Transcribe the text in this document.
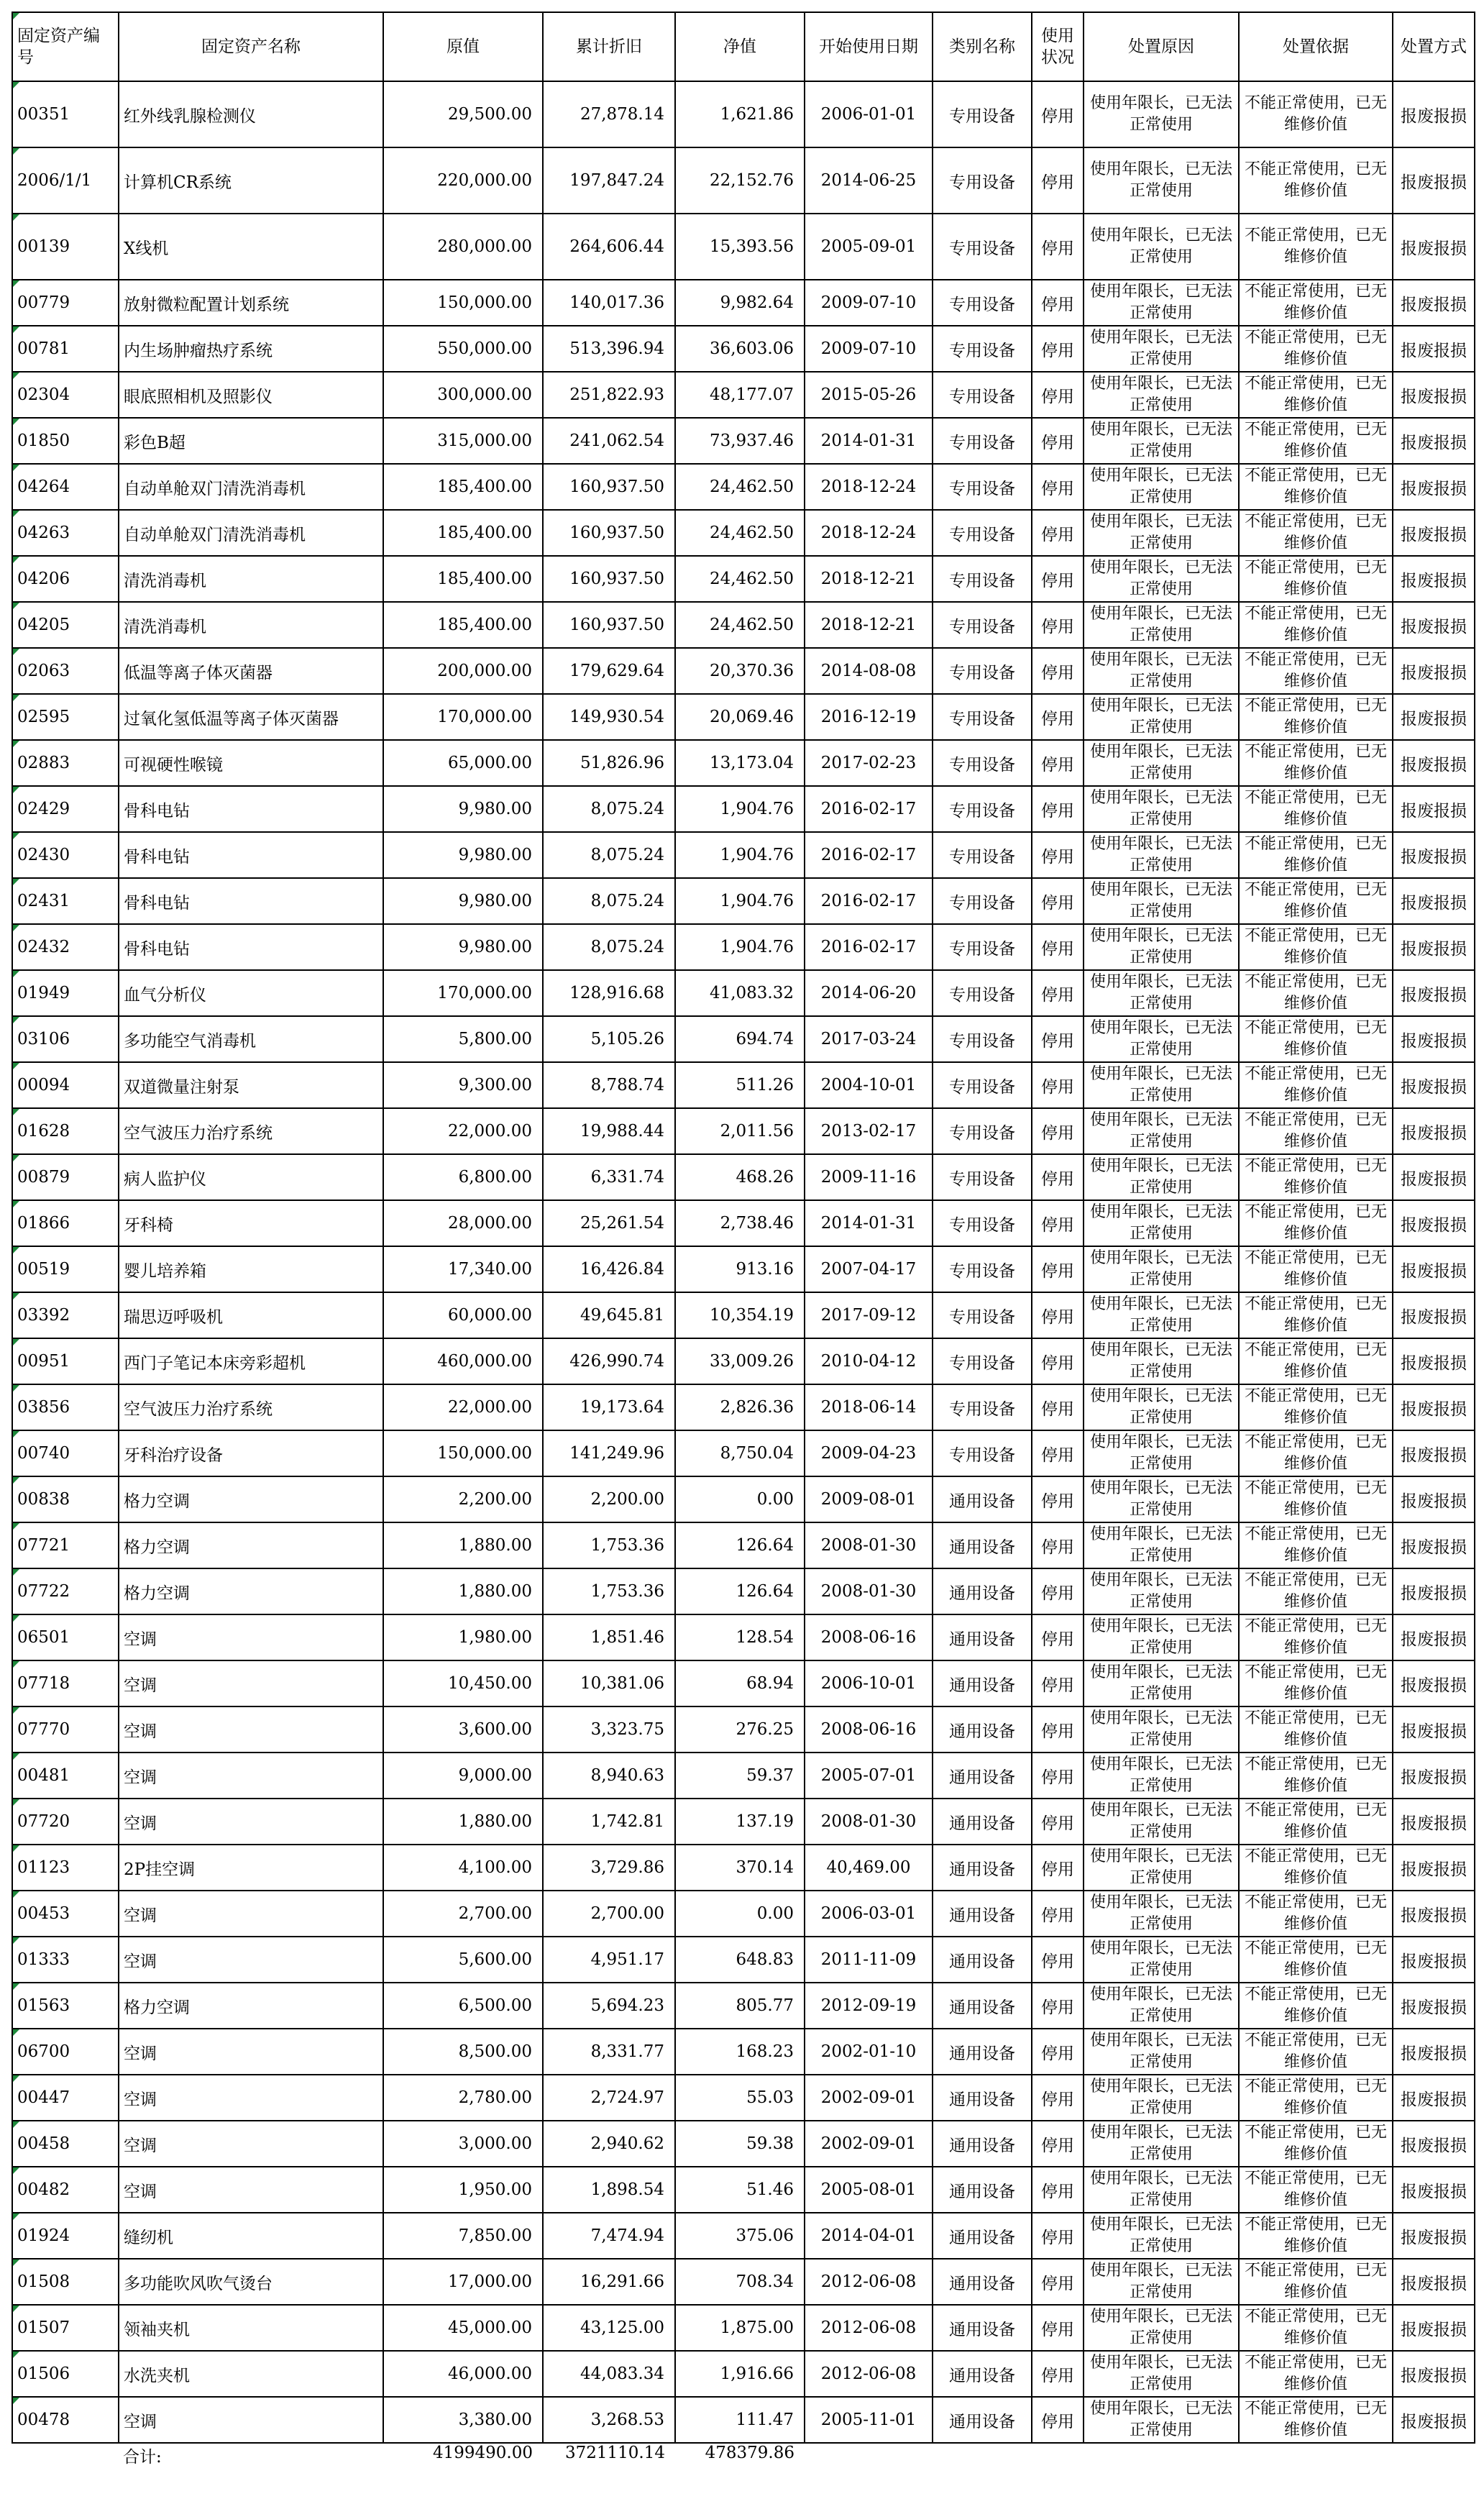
固定资产编号	固定资产名称	原值	累计折旧	净值	开始使用日期	类别名称	使用状况	处置原因	处置依据	处置方式
00351	红外线乳腺检测仪	29,500.00	27,878.14	1,621.86	2006-01-01	专用设备	停用	使用年限长，已无法正常使用	不能正常使用，已无维修价值	报废报损
2006/1/1	计算机CR系统	220,000.00	197,847.24	22,152.76	2014-06-25	专用设备	停用	使用年限长，已无法正常使用	不能正常使用，已无维修价值	报废报损
00139	X线机	280,000.00	264,606.44	15,393.56	2005-09-01	专用设备	停用	使用年限长，已无法正常使用	不能正常使用，已无维修价值	报废报损
00779	放射微粒配置计划系统	150,000.00	140,017.36	9,982.64	2009-07-10	专用设备	停用	使用年限长，已无法正常使用	不能正常使用，已无维修价值	报废报损
00781	内生场肿瘤热疗系统	550,000.00	513,396.94	36,603.06	2009-07-10	专用设备	停用	使用年限长，已无法正常使用	不能正常使用，已无维修价值	报废报损
02304	眼底照相机及照影仪	300,000.00	251,822.93	48,177.07	2015-05-26	专用设备	停用	使用年限长，已无法正常使用	不能正常使用，已无维修价值	报废报损
01850	彩色B超	315,000.00	241,062.54	73,937.46	2014-01-31	专用设备	停用	使用年限长，已无法正常使用	不能正常使用，已无维修价值	报废报损
04264	自动单舱双门清洗消毒机	185,400.00	160,937.50	24,462.50	2018-12-24	专用设备	停用	使用年限长，已无法正常使用	不能正常使用，已无维修价值	报废报损
04263	自动单舱双门清洗消毒机	185,400.00	160,937.50	24,462.50	2018-12-24	专用设备	停用	使用年限长，已无法正常使用	不能正常使用，已无维修价值	报废报损
04206	清洗消毒机	185,400.00	160,937.50	24,462.50	2018-12-21	专用设备	停用	使用年限长，已无法正常使用	不能正常使用，已无维修价值	报废报损
04205	清洗消毒机	185,400.00	160,937.50	24,462.50	2018-12-21	专用设备	停用	使用年限长，已无法正常使用	不能正常使用，已无维修价值	报废报损
02063	低温等离子体灭菌器	200,000.00	179,629.64	20,370.36	2014-08-08	专用设备	停用	使用年限长，已无法正常使用	不能正常使用，已无维修价值	报废报损
02595	过氧化氢低温等离子体灭菌器	170,000.00	149,930.54	20,069.46	2016-12-19	专用设备	停用	使用年限长，已无法正常使用	不能正常使用，已无维修价值	报废报损
02883	可视硬性喉镜	65,000.00	51,826.96	13,173.04	2017-02-23	专用设备	停用	使用年限长，已无法正常使用	不能正常使用，已无维修价值	报废报损
02429	骨科电钻	9,980.00	8,075.24	1,904.76	2016-02-17	专用设备	停用	使用年限长，已无法正常使用	不能正常使用，已无维修价值	报废报损
02430	骨科电钻	9,980.00	8,075.24	1,904.76	2016-02-17	专用设备	停用	使用年限长，已无法正常使用	不能正常使用，已无维修价值	报废报损
02431	骨科电钻	9,980.00	8,075.24	1,904.76	2016-02-17	专用设备	停用	使用年限长，已无法正常使用	不能正常使用，已无维修价值	报废报损
02432	骨科电钻	9,980.00	8,075.24	1,904.76	2016-02-17	专用设备	停用	使用年限长，已无法正常使用	不能正常使用，已无维修价值	报废报损
01949	血气分析仪	170,000.00	128,916.68	41,083.32	2014-06-20	专用设备	停用	使用年限长，已无法正常使用	不能正常使用，已无维修价值	报废报损
03106	多功能空气消毒机	5,800.00	5,105.26	694.74	2017-03-24	专用设备	停用	使用年限长，已无法正常使用	不能正常使用，已无维修价值	报废报损
00094	双道微量注射泵	9,300.00	8,788.74	511.26	2004-10-01	专用设备	停用	使用年限长，已无法正常使用	不能正常使用，已无维修价值	报废报损
01628	空气波压力治疗系统	22,000.00	19,988.44	2,011.56	2013-02-17	专用设备	停用	使用年限长，已无法正常使用	不能正常使用，已无维修价值	报废报损
00879	病人监护仪	6,800.00	6,331.74	468.26	2009-11-16	专用设备	停用	使用年限长，已无法正常使用	不能正常使用，已无维修价值	报废报损
01866	牙科椅	28,000.00	25,261.54	2,738.46	2014-01-31	专用设备	停用	使用年限长，已无法正常使用	不能正常使用，已无维修价值	报废报损
00519	婴儿培养箱	17,340.00	16,426.84	913.16	2007-04-17	专用设备	停用	使用年限长，已无法正常使用	不能正常使用，已无维修价值	报废报损
03392	瑞思迈呼吸机	60,000.00	49,645.81	10,354.19	2017-09-12	专用设备	停用	使用年限长，已无法正常使用	不能正常使用，已无维修价值	报废报损
00951	西门子笔记本床旁彩超机	460,000.00	426,990.74	33,009.26	2010-04-12	专用设备	停用	使用年限长，已无法正常使用	不能正常使用，已无维修价值	报废报损
03856	空气波压力治疗系统	22,000.00	19,173.64	2,826.36	2018-06-14	专用设备	停用	使用年限长，已无法正常使用	不能正常使用，已无维修价值	报废报损
00740	牙科治疗设备	150,000.00	141,249.96	8,750.04	2009-04-23	专用设备	停用	使用年限长，已无法正常使用	不能正常使用，已无维修价值	报废报损
00838	格力空调	2,200.00	2,200.00	0.00	2009-08-01	通用设备	停用	使用年限长，已无法正常使用	不能正常使用，已无维修价值	报废报损
07721	格力空调	1,880.00	1,753.36	126.64	2008-01-30	通用设备	停用	使用年限长，已无法正常使用	不能正常使用，已无维修价值	报废报损
07722	格力空调	1,880.00	1,753.36	126.64	2008-01-30	通用设备	停用	使用年限长，已无法正常使用	不能正常使用，已无维修价值	报废报损
06501	空调	1,980.00	1,851.46	128.54	2008-06-16	通用设备	停用	使用年限长，已无法正常使用	不能正常使用，已无维修价值	报废报损
07718	空调	10,450.00	10,381.06	68.94	2006-10-01	通用设备	停用	使用年限长，已无法正常使用	不能正常使用，已无维修价值	报废报损
07770	空调	3,600.00	3,323.75	276.25	2008-06-16	通用设备	停用	使用年限长，已无法正常使用	不能正常使用，已无维修价值	报废报损
00481	空调	9,000.00	8,940.63	59.37	2005-07-01	通用设备	停用	使用年限长，已无法正常使用	不能正常使用，已无维修价值	报废报损
07720	空调	1,880.00	1,742.81	137.19	2008-01-30	通用设备	停用	使用年限长，已无法正常使用	不能正常使用，已无维修价值	报废报损
01123	2P挂空调	4,100.00	3,729.86	370.14	40,469.00	通用设备	停用	使用年限长，已无法正常使用	不能正常使用，已无维修价值	报废报损
00453	空调	2,700.00	2,700.00	0.00	2006-03-01	通用设备	停用	使用年限长，已无法正常使用	不能正常使用，已无维修价值	报废报损
01333	空调	5,600.00	4,951.17	648.83	2011-11-09	通用设备	停用	使用年限长，已无法正常使用	不能正常使用，已无维修价值	报废报损
01563	格力空调	6,500.00	5,694.23	805.77	2012-09-19	通用设备	停用	使用年限长，已无法正常使用	不能正常使用，已无维修价值	报废报损
06700	空调	8,500.00	8,331.77	168.23	2002-01-10	通用设备	停用	使用年限长，已无法正常使用	不能正常使用，已无维修价值	报废报损
00447	空调	2,780.00	2,724.97	55.03	2002-09-01	通用设备	停用	使用年限长，已无法正常使用	不能正常使用，已无维修价值	报废报损
00458	空调	3,000.00	2,940.62	59.38	2002-09-01	通用设备	停用	使用年限长，已无法正常使用	不能正常使用，已无维修价值	报废报损
00482	空调	1,950.00	1,898.54	51.46	2005-08-01	通用设备	停用	使用年限长，已无法正常使用	不能正常使用，已无维修价值	报废报损
01924	缝纫机	7,850.00	7,474.94	375.06	2014-04-01	通用设备	停用	使用年限长，已无法正常使用	不能正常使用，已无维修价值	报废报损
01508	多功能吹风吹气烫台	17,000.00	16,291.66	708.34	2012-06-08	通用设备	停用	使用年限长，已无法正常使用	不能正常使用，已无维修价值	报废报损
01507	领袖夹机	45,000.00	43,125.00	1,875.00	2012-06-08	通用设备	停用	使用年限长，已无法正常使用	不能正常使用，已无维修价值	报废报损
01506	水洗夹机	46,000.00	44,083.34	1,916.66	2012-06-08	通用设备	停用	使用年限长，已无法正常使用	不能正常使用，已无维修价值	报废报损
00478	空调	3,380.00	3,268.53	111.47	2005-11-01	通用设备	停用	使用年限长，已无法正常使用	不能正常使用，已无维修价值	报废报损
	合计:	4199490.00	3721110.14	478379.86						
